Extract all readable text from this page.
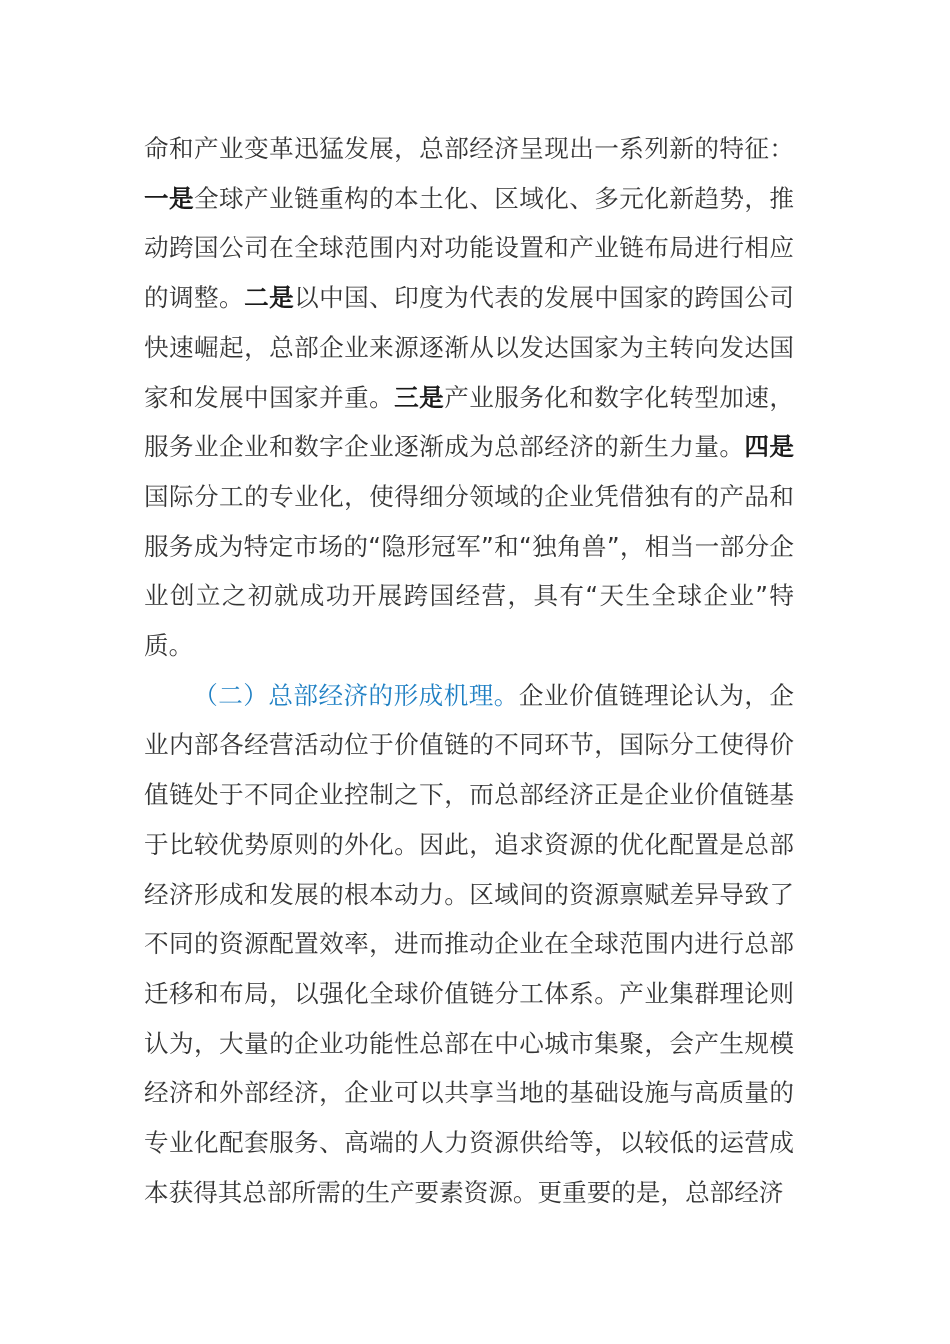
命和产业变革迅猛发展，总部经济呈现出一系列新的特征：一是全球产业链重构的本土化、区域化、多元化新趋势，推动跨国公司在全球范围内对功能设置和产业链布局进行相应的调整。二是以中国、印度为代表的发展中国家的跨国公司快速崛起，总部企业来源逐渐从以发达国家为主转向发达国家和发展中国家并重。三是产业服务化和数字化转型加速，服务业企业和数字企业逐渐成为总部经济的新生力量。四是国际分工的专业化，使得细分领域的企业凭借独有的产品和服务成为特定市场的“隐形冠军”和“独角兽”，相当一部分企业创立之初就成功开展跨国经营，具有“天生全球企业”特质。

（二）总部经济的形成机理。企业价值链理论认为，企业内部各经营活动位于价值链的不同环节，国际分工使得价值链处于不同企业控制之下，而总部经济正是企业价值链基于比较优势原则的外化。因此，追求资源的优化配置是总部经济形成和发展的根本动力。区域间的资源禀赋差异导致了不同的资源配置效率，进而推动企业在全球范围内进行总部迁移和布局，以强化全球价值链分工体系。产业集群理论则认为，大量的企业功能性总部在中心城市集聚，会产生规模经济和外部经济，企业可以共享当地的基础设施与高质量的专业化配套服务、高端的人力资源供给等，以较低的运营成本获得其总部所需的生产要素资源。更重要的是，总部经济
